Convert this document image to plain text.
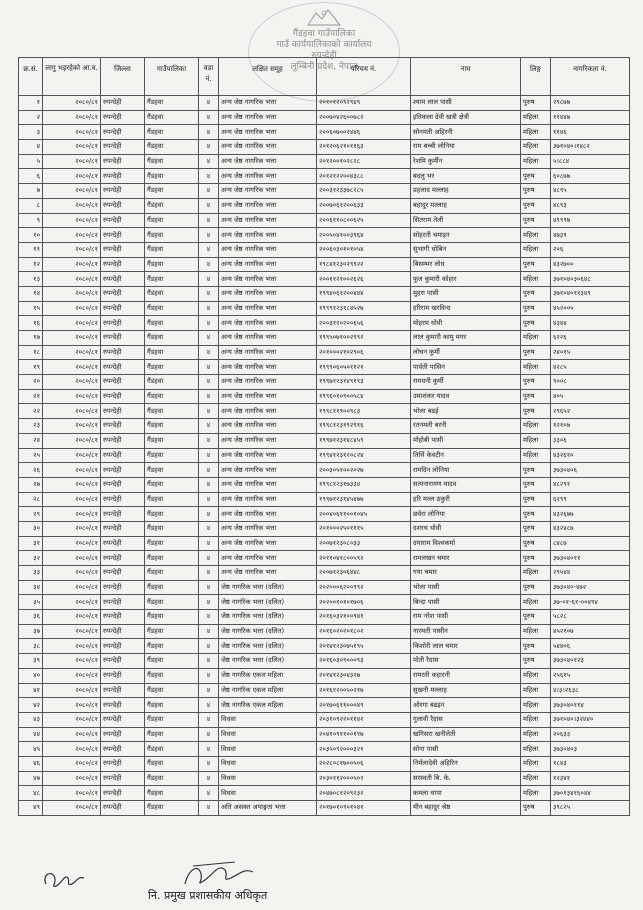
गैंडहवा गाउँपालिका
गाउँ कार्यपालिकाको कार्यालय
रुपन्देही
लुम्बिनी प्रदेश, नेपाल
क्र.सं.	लागु भइरहेको आ.व.	जिल्ला	गाउँपालिका	वडा नं.	लक्षित समूह	परिचय नं.	नाम	लिङ्ग	नागरिकता नं.
१	२०८०/८१	रुपन्देही	गैंडहवा	४	अन्य जेष्ठ नागरिक भत्ता	२०१०१२०९२९४९	श्याम लाल पासी	पुरुष	२९८७७
२	२०८०/८१	रुपन्देही	गैंडहवा	४	अन्य जेष्ठ नागरिक भत्ता	२००७०४२६००७८२	इतिकला देवी खत्री क्षेत्री	महिला	११४४७
३	२०८०/८१	रुपन्देही	गैंडहवा	४	अन्य जेष्ठ नागरिक भत्ता	२००६०७००२४४६	सोनमती अहिरनी	महिला	११४६
४	२०८०/८१	रुपन्देही	गैंडहवा	४	अन्य जेष्ठ नागरिक भत्ता	२०१२०६२१०११६३	राम बच्ची लोनिया	महिला	३७१०४०।१४८२
५	२०८०/८१	रुपन्देही	गैंडहवा	४	अन्य जेष्ठ नागरिक भत्ता	२०१२००१०२८२८	रेशमि कुर्मीन	महिला	५।८८४
६	२०८०/८१	रुपन्देही	गैंडहवा	४	अन्य जेष्ठ नागरिक भत्ता	२०१२१२२००४३८८	बदलु भर	पुरुष	६०८७७
७	२०८०/८१	रुपन्देही	गैंडहवा	४	अन्य जेष्ठ नागरिक भत्ता	२००३१२३३७८२८५	प्रहलाद मल्लाह	पुरुष	४८९५
८	२०८०/८१	रुपन्देही	गैंडहवा	४	अन्य जेष्ठ नागरिक भत्ता	२००७०६१२००६३३	बहादुर मल्लाह	पुरुष	४८९३
९	२०८०/८१	रुपन्देही	गैंडहवा	४	अन्य जेष्ठ नागरिक भत्ता	२००६११०८००६२५	सितराम तेली	पुरुष	४९९९७
१०	२०८०/८१	रुपन्देही	गैंडहवा	४	अन्य जेष्ठ नागरिक भत्ता	२००५०४१००३९६४	सोहरती चमाइन	महिला	४७३९
११	२०८०/८१	रुपन्देही	गैंडहवा	४	अन्य जेष्ठ नागरिक भत्ता	२००६०३०१०१०५४	सुभागी धोबिन	महिला	२०६
१२	२०८०/८१	रुपन्देही	गैंडहवा	४	अन्य जेष्ठ नागरिक भत्ता	१९८४१२३०२९९२२	बिसम्भर लोध	पुरुष	४३२७००
१३	२०८०/८१	रुपन्देही	गैंडहवा	४	अन्य जेष्ठ नागरिक भत्ता	२००११२१००२६२६	फुल कुमारी कोहार	महिला	३७१०४०३०६४८
१४	२०८०/८१	रुपन्देही	गैंडहवा	४	अन्य जेष्ठ नागरिक भत्ता	१९९४०६१२००४४४	मुहरा पासी	पुरुष	३७१०४०११३४९
१५	२०८०/८१	रुपन्देही	गैंडहवा	४	अन्य जेष्ठ नागरिक भत्ता	१९९९१२३१८४५२७	हरिराम खरविन्द	पुरुष	४५२००५
१६	२०८०/८१	रुपन्देही	गैंडहवा	४	अन्य जेष्ठ नागरिक भत्ता	२००३१२०२००६५६	मोहरम धोवी	पुरुष	४३४४
१७	२०८०/८१	रुपन्देही	गैंडहवा	४	अन्य जेष्ठ नागरिक भत्ता	१९९५०७१००२९९२	लाल कुमारी कामु मगर	महिला	६२२६
१८	२०८०/८१	रुपन्देही	गैंडहवा	४	अन्य जेष्ठ नागरिक भत्ता	२०१०००२१०२९०६	लोचन कुर्मी	पुरुष	२४०१५
१९	२०८०/८१	रुपन्देही	गैंडहवा	४	अन्य जेष्ठ नागरिक भत्ता	१९९९०६०५०११२१	पार्वती पासिन	महिला	४२८५
२०	२०८०/८१	रुपन्देही	गैंडहवा	४	अन्य जेष्ठ नागरिक भत्ता	१९९७१२३१४९१९३	रामधनी कुर्मी	पुरुष	९००८
२१	२०८०/८१	रुपन्देही	गैंडहवा	४	अन्य जेष्ठ नागरिक भत्ता	१९९६०१०९००५८४	उमाशंकर यादव	पुरुष	४०५
२२	२०८०/८१	रुपन्देही	गैंडहवा	४	अन्य जेष्ठ नागरिक भत्ता	१९९८११९००९८३	भोला बढई	पुरुष	२९६५२
२३	२०८०/८१	रुपन्देही	गैंडहवा	४	अन्य जेष्ठ नागरिक भत्ता	१९९८१२३१९२९१६	रतनमती बरनी	महिला	१२१०७
२४	२०८०/८१	रुपन्देही	गैंडहवा	४	अन्य जेष्ठ नागरिक भत्ता	१९९७१२३१४८४५९	मोहोबी पासी	महिला	३३०६
२५	२०८०/८१	रुपन्देही	गैंडहवा	४	अन्य जेष्ठ नागरिक भत्ता	१९९४१२३१२०८२४	तिर्थि केवटीन	महिला	४३२६१०
२६	२०८०/८१	रुपन्देही	गैंडहवा	४	अन्य जेष्ठ नागरिक भत्ता	२००३०५१००२०२७	रामदिन लोनिया	पुरुष	३७३०४०६
२७	२०८०/८१	रुपन्देही	गैंडहवा	४	अन्य जेष्ठ नागरिक भत्ता	१९९८१२३१७३३४	सत्यनारायण यादव	पुरुष	४८२९१
२८	२०८०/८१	रुपन्देही	गैंडहवा	४	अन्य जेष्ठ नागरिक भत्ता	१९९७१२३१४५४७७	हरि मल्ल ठकुरी	पुरुष	६२९९
२९	२०८०/८१	रुपन्देही	गैंडहवा	४	अन्य जेष्ठ नागरिक भत्ता	२००४०६११००१०४५	छवेरा लोनिया	पुरुष	४३२६७७
३०	२०८०/८१	रुपन्देही	गैंडहवा	४	अन्य जेष्ठ नागरिक भत्ता	२०१०००२५०१११५	दशरथ धोवी	पुरुष	४३२४८७
३१	२०८०/८१	रुपन्देही	गैंडहवा	४	अन्य जेष्ठ नागरिक भत्ता	२००७१२३०८०३३	दयाराम विश्वकर्मा	पुरुष	८४८७
३२	२०८०/८१	रुपन्देही	गैंडहवा	४	अन्य जेष्ठ नागरिक भत्ता	२०११०४१८००५९२	रामलखन चमार	पुरुष	३७३०४०११
३३	२०८०/८१	रुपन्देही	गैंडहवा	४	अन्य जेष्ठ नागरिक भत्ता	२००७१२३०६४४८	गया चमार	महिला	२९५४४
३४	२०८०/८१	रुपन्देही	गैंडहवा	४	जेष्ठ नागरिक भत्ता (दलित)	२०२०००६२००९९२	भोला पासी	पुरुष	३७३०४०-४७२
३५	२०८०/८१	रुपन्देही	गैंडहवा	४	जेष्ठ नागरिक भत्ता (दलित)	२०२००१०१०१७०६	बिन्दा पासी	महिला	३७-०१-६१-००४९४
३६	२०८०/८१	रुपन्देही	गैंडहवा	४	जेष्ठ नागरिक भत्ता (दलित)	२०१६०३२१००९४१	राम नरेश पासी	पुरुष	५८२८
३७	२०८०/८१	रुपन्देही	गैंडहवा	४	जेष्ठ नागरिक भत्ता (दलित)	२०१६०२०२०१८०२	नारमती पासीन	महिला	४५२१०७
३८	२०८०/८१	रुपन्देही	गैंडहवा	४	जेष्ठ नागरिक भत्ता (दलित)	२०१४१२३०७५१९५	किशोरी लाल चमार	पुरुष	५४४०६
३९	२०८०/८१	रुपन्देही	गैंडहवा	४	जेष्ठ नागरिक भत्ता (दलित)	२०१६०३०९०००९३	मोती रैदास	पुरुष	३७३०४०१२३
४०	२०८०/८१	रुपन्देही	गैंडहवा	४	जेष्ठ नागरिक एकल महिला	२०१४१२३०४३२७	रामरती कहारनी	महिला	२५६१५
४१	२०८०/८१	रुपन्देही	गैंडहवा	४	जेष्ठ नागरिक एकल महिला	२०१६१२००५०२१७	सुखनी मल्लाह	महिला	४।३।२६३८
४२	२०८०/८१	रुपन्देही	गैंडहवा	४	जेष्ठ नागरिक एकल महिला	२०१७०६११०००४९	ओरगा बढइन	महिला	३७३०४०११४
४३	२०८०/८१	रुपन्देही	गैंडहवा	४	विधवा	२०३१०९२२०११४२	गुलावी रैदास	महिला	३७१०४०।३२४४०
४४	२०८०/८१	रुपन्देही	गैंडहवा	४	विधवा	२०४१०९११००११७	खगिसरा खनीलेती	महिला	२०६३३
४५	२०८०/८१	रुपन्देही	गैंडहवा	४	विधवा	२०३५०९२०००३२१	सोना पासी	महिला	३७३०४०३
४६	२०८०/८१	रुपन्देही	गैंडहवा	४	विधवा	२०२८०८१७००५०६	निर्मलादेवी अहिरिन	महिला	१८४३
४७	२०८०/८१	रुपन्देही	गैंडहवा	४	विधवा	२०३०११२०००५०२	सरस्वती बि. के.	महिला	१२३४१
४८	२०८०/८१	रुपन्देही	गैंडहवा	४	विधवा	२०४७०८१२०९२३२	कमला थापा	महिला	३७०१३४१६०४४
४९	२०८०/८१	रुपन्देही	गैंडहवा	४	अति असक्त अपाङ्गता भत्ता	२०१७०१०९०१०४१	मीन बहादुर श्रेष्ठ	पुरुष	३९८२५
नि. प्रमुख प्रशासकीय अधिकृत
